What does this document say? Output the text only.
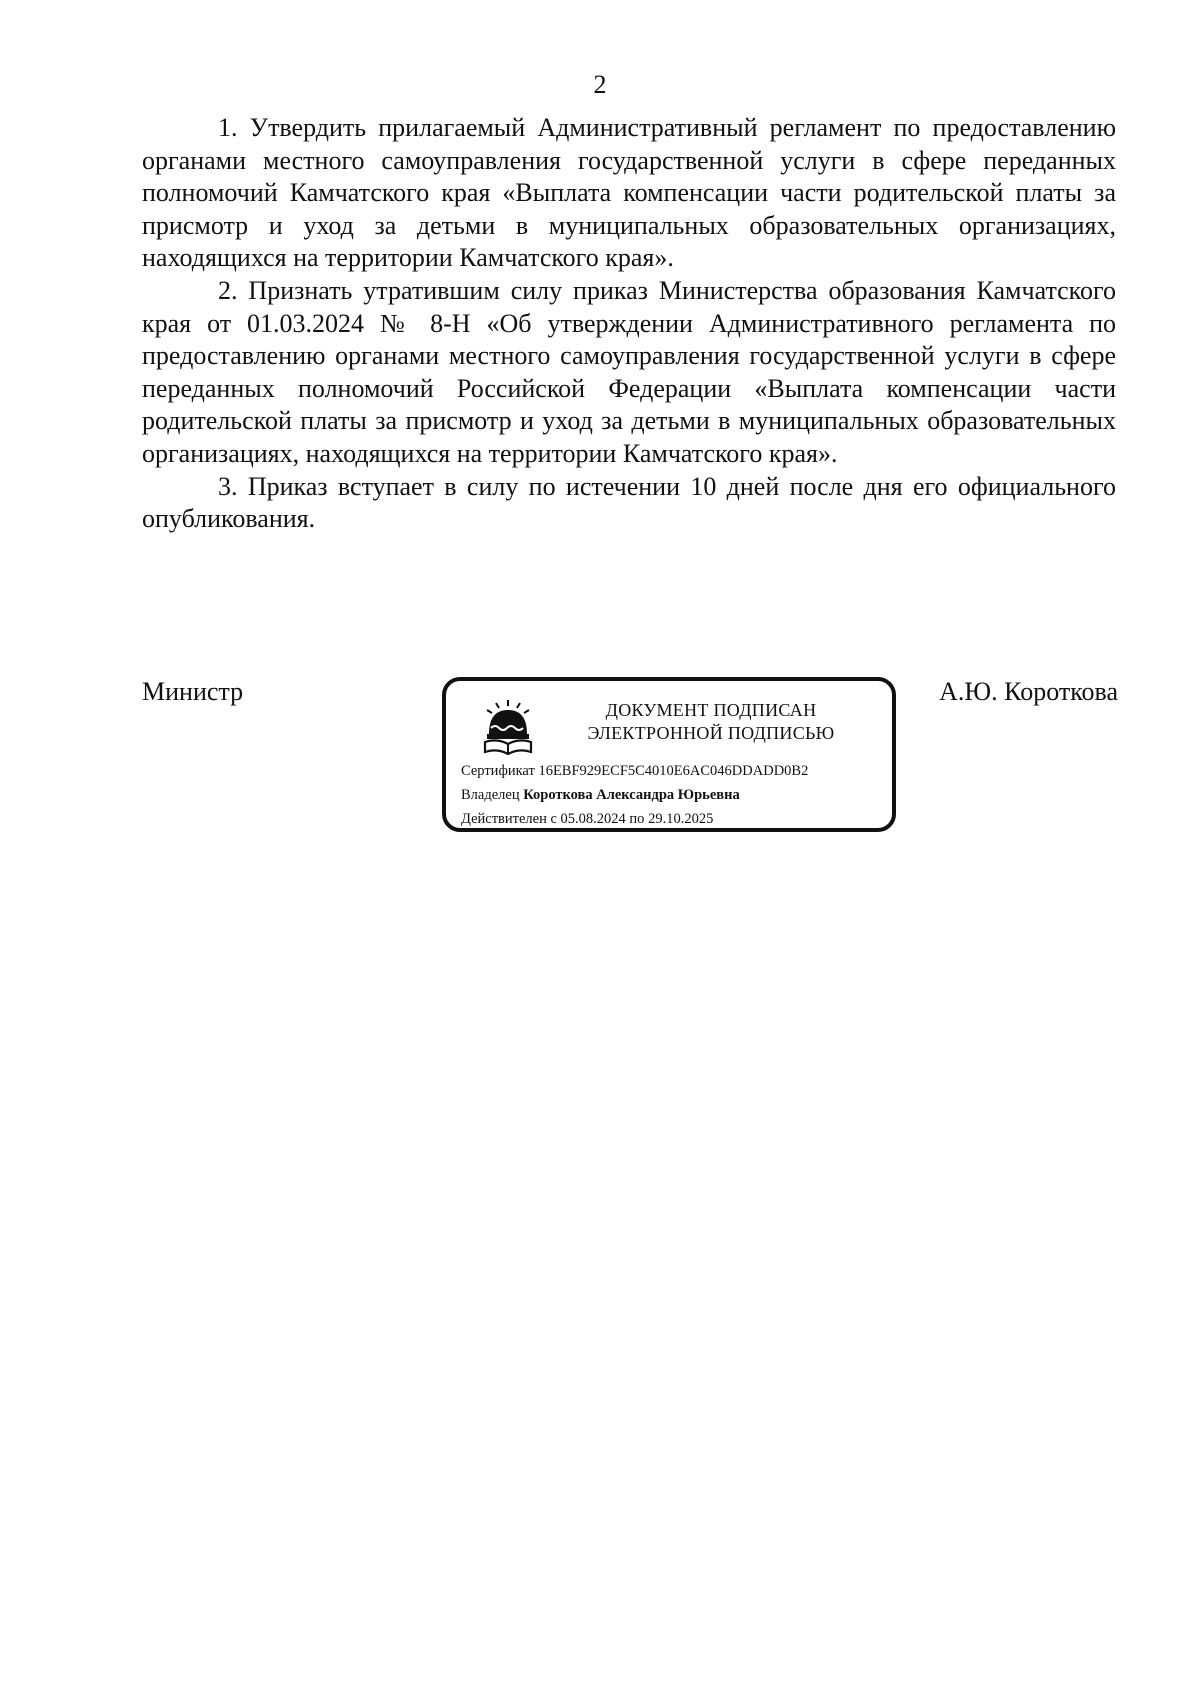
2

1. Утвердить прилагаемый Административный регламент по предоставлению органами местного самоуправления государственной услуги в сфере переданных полномочий Камчатского края «Выплата компенсации части родительской платы за присмотр и уход за детьми в муниципальных образовательных организациях, находящихся на территории Камчатского края».

2. Признать утратившим силу приказ Министерства образования Камчатского края от 01.03.2024 № 8-Н «Об утверждении Административного регламента по предоставлению органами местного самоуправления государственной услуги в сфере переданных полномочий Российской Федерации «Выплата компенсации части родительской платы за присмотр и уход за детьми в муниципальных образовательных организациях, находящихся на территории Камчатского края».

3. Приказ вступает в силу по истечении 10 дней после дня его официального опубликования.

Министр
ДОКУМЕНТ ПОДПИСАН
ЭЛЕКТРОННОЙ ПОДПИСЬЮ
Сертификат 16EBF929ECF5C4010E6AC046DDADD0B2
Владелец Короткова Александра Юрьевна
Действителен с 05.08.2024 по 29.10.2025
А.Ю. Короткова
